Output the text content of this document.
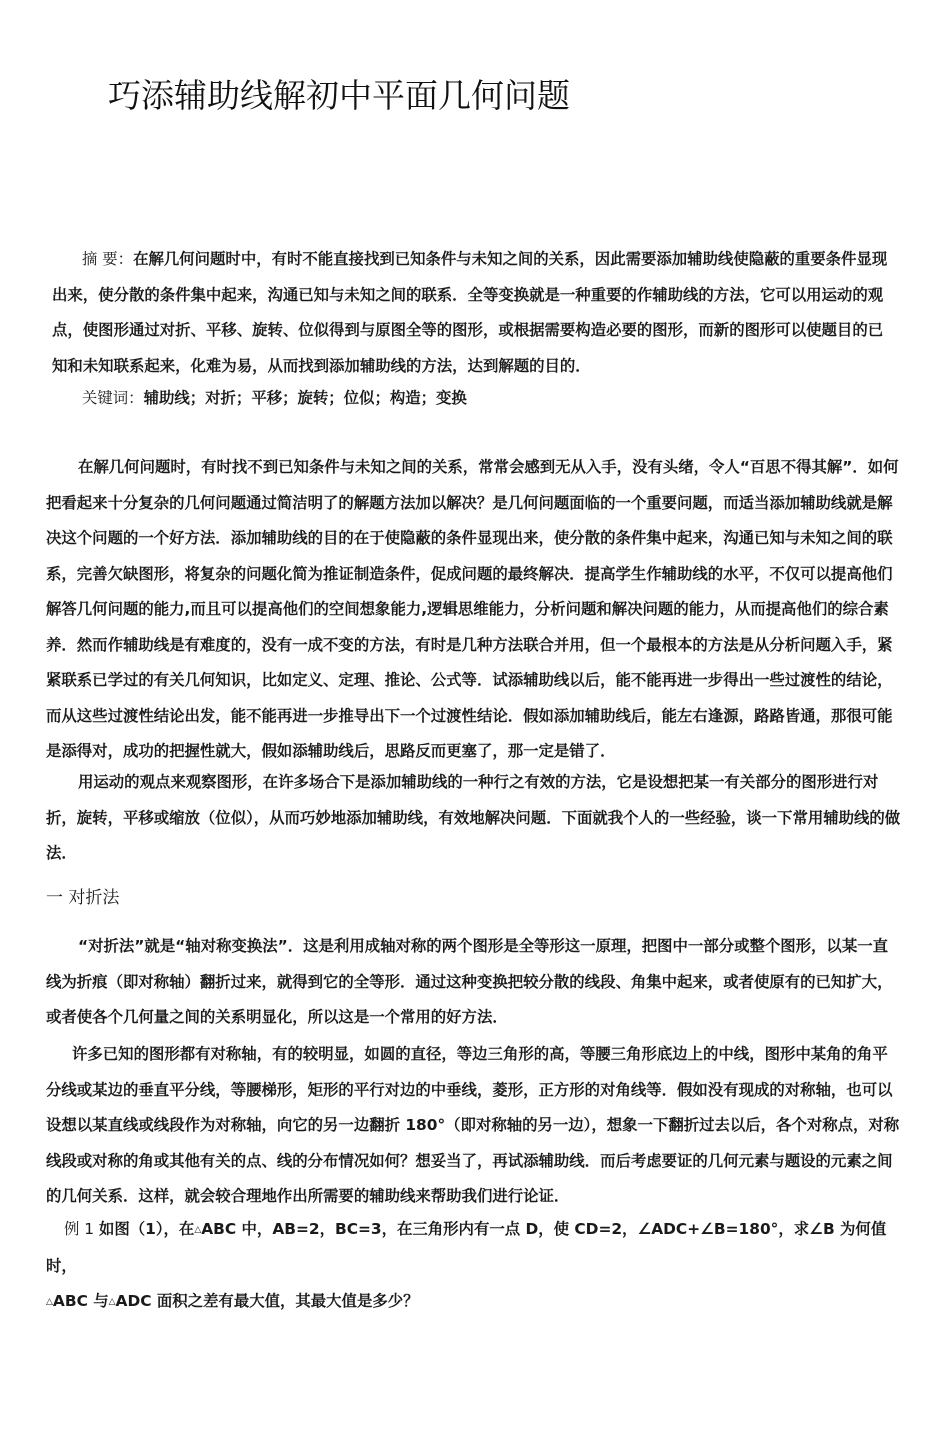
巧添辅助线解初中平面几何问题

摘 要：在解几何问题时中，有时不能直接找到已知条件与未知之间的关系，因此需要添加辅助线使隐蔽的重要条件显现出来，使分散的条件集中起来，沟通已知与未知之间的联系．全等变换就是一种重要的作辅助线的方法，它可以用运动的观点，使图形通过对折、平移、旋转、位似得到与原图全等的图形，或根据需要构造必要的图形，而新的图形可以使题目的已知和未知联系起来，化难为易，从而找到添加辅助线的方法，达到解题的目的．

关键词：辅助线；对折；平移；旋转；位似；构造；变换

在解几何问题时，有时找不到已知条件与未知之间的关系，常常会感到无从入手，没有头绪，令人“百思不得其解”．如何把看起来十分复杂的几何问题通过简洁明了的解题方法加以解决？是几何问题面临的一个重要问题，而适当添加辅助线就是解决这个问题的一个好方法．添加辅助线的目的在于使隐蔽的条件显现出来，使分散的条件集中起来，沟通已知与未知之间的联系，完善欠缺图形，将复杂的问题化简为推证制造条件，促成问题的最终解决．提高学生作辅助线的水平，不仅可以提高他们解答几何问题的能力,而且可以提高他们的空间想象能力,逻辑思维能力，分析问题和解决问题的能力，从而提高他们的综合素养．然而作辅助线是有难度的，没有一成不变的方法，有时是几种方法联合并用，但一个最根本的方法是从分析问题入手，紧紧联系已学过的有关几何知识，比如定义、定理、推论、公式等．试添辅助线以后，能不能再进一步得出一些过渡性的结论，而从这些过渡性结论出发，能不能再进一步推导出下一个过渡性结论．假如添加辅助线后，能左右逢源，路路皆通，那很可能是添得对，成功的把握性就大，假如添辅助线后，思路反而更塞了，那一定是错了．

用运动的观点来观察图形，在许多场合下是添加辅助线的一种行之有效的方法，它是设想把某一有关部分的图形进行对折，旋转，平移或缩放（位似），从而巧妙地添加辅助线，有效地解决问题．下面就我个人的一些经验，谈一下常用辅助线的做法．

一 对折法

“对折法”就是“轴对称变换法”．这是利用成轴对称的两个图形是全等形这一原理，把图中一部分或整个图形，以某一直线为折痕（即对称轴）翻折过来，就得到它的全等形．通过这种变换把较分散的线段、角集中起来，或者使原有的已知扩大，或者使各个几何量之间的关系明显化，所以这是一个常用的好方法．

许多已知的图形都有对称轴，有的较明显，如圆的直径，等边三角形的高，等腰三角形底边上的中线，图形中某角的角平分线或某边的垂直平分线，等腰梯形，矩形的平行对边的中垂线，菱形，正方形的对角线等．假如没有现成的对称轴，也可以设想以某直线或线段作为对称轴，向它的另一边翻折 180°（即对称轴的另一边），想象一下翻折过去以后，各个对称点，对称线段或对称的角或其他有关的点、线的分布情况如何？想妥当了，再试添辅助线．而后考虑要证的几何元素与题设的元素之间的几何关系．这样，就会较合理地作出所需要的辅助线来帮助我们进行论证．

例 1 如图（1），在△ABC 中，AB=2，BC=3，在三角形内有一点 D，使 CD=2，∠ADC+∠B=180°，求∠B 为何值时，
△ABC 与△ADC 面积之差有最大值，其最大值是多少？
